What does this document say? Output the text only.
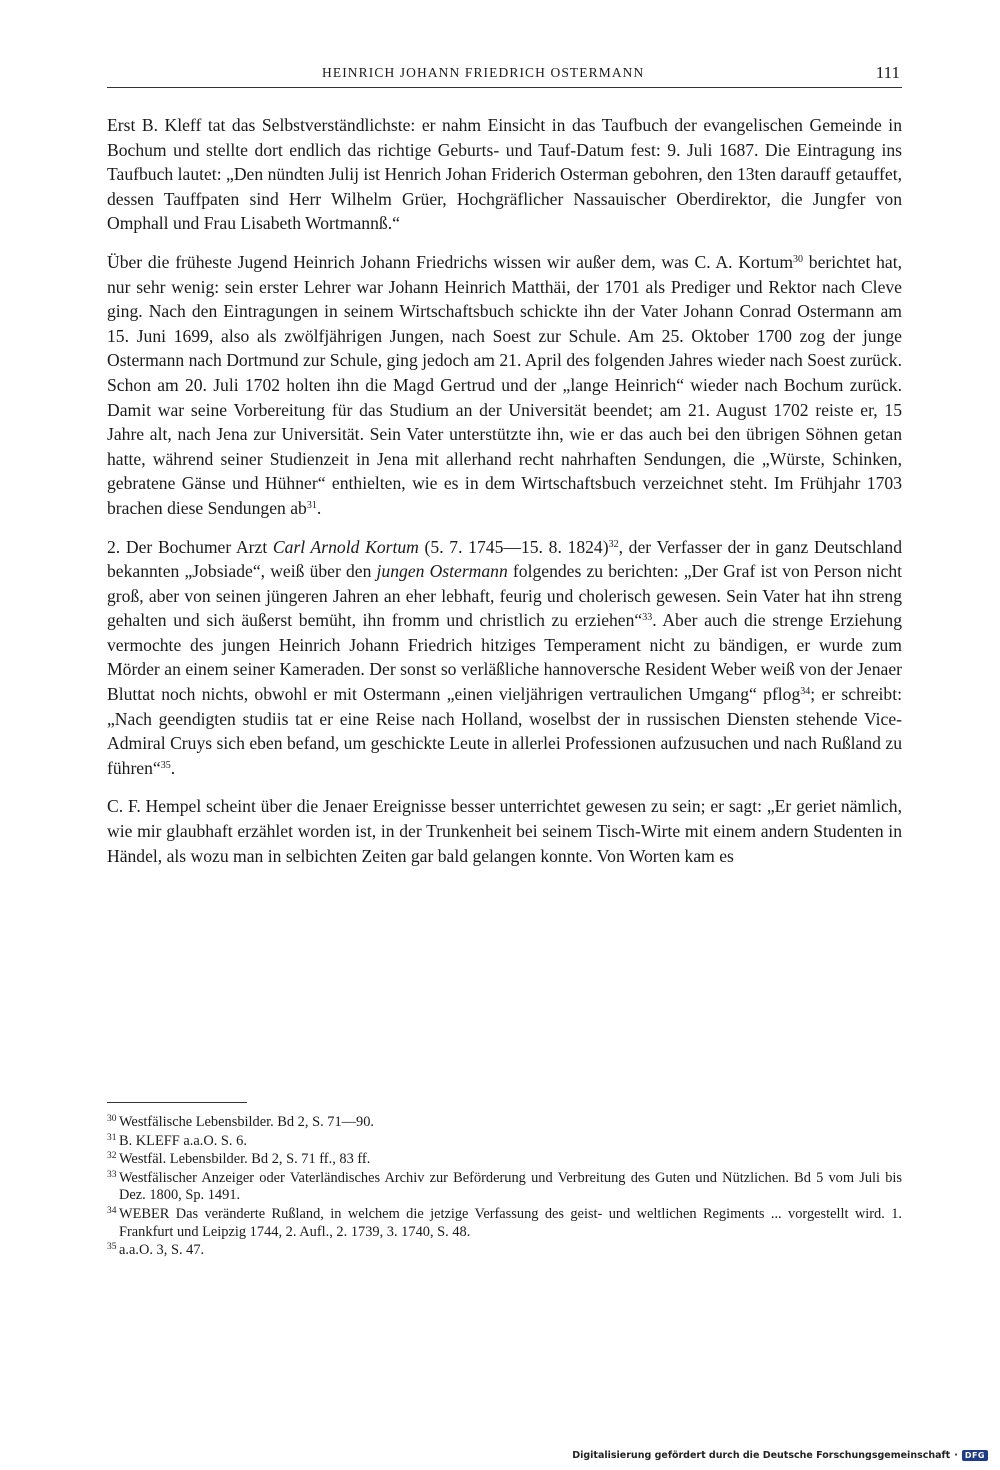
HEINRICH JOHANN FRIEDRICH OSTERMANN	111

Erst B. Kleff tat das Selbstverständlichste: er nahm Einsicht in das Taufbuch der evangelischen Gemeinde in Bochum und stellte dort endlich das richtige Geburts- und Tauf-Datum fest: 9. Juli 1687. Die Eintragung ins Taufbuch lautet: „Den nündten Julij ist Henrich Johan Friderich Osterman gebohren, den 13ten darauff getauffet, dessen Tauffpaten sind Herr Wilhelm Grüer, Hochgräflicher Nassauischer Oberdirektor, die Jungfer von Omphall und Frau Lisabeth Wortmannß.“

Über die früheste Jugend Heinrich Johann Friedrichs wissen wir außer dem, was C. A. Kortum$^{30}$ berichtet hat, nur sehr wenig: sein erster Lehrer war Johann Heinrich Matthäi, der 1701 als Prediger und Rektor nach Cleve ging. Nach den Eintragungen in seinem Wirtschaftsbuch schickte ihn der Vater Johann Conrad Ostermann am 15. Juni 1699, also als zwölfjährigen Jungen, nach Soest zur Schule. Am 25. Oktober 1700 zog der junge Ostermann nach Dortmund zur Schule, ging jedoch am 21. April des folgenden Jahres wieder nach Soest zurück. Schon am 20. Juli 1702 holten ihn die Magd Gertrud und der „lange Heinrich“ wieder nach Bochum zurück. Damit war seine Vorbereitung für das Studium an der Universität beendet; am 21. August 1702 reiste er, 15 Jahre alt, nach Jena zur Universität. Sein Vater unterstützte ihn, wie er das auch bei den übrigen Söhnen getan hatte, während seiner Studienzeit in Jena mit allerhand recht nahrhaften Sendungen, die „Würste, Schinken, gebratene Gänse und Hühner“ enthielten, wie es in dem Wirtschaftsbuch verzeichnet steht. Im Frühjahr 1703 brachen diese Sendungen $ab^{31}$.

2. Der Bochumer Arzt Carl Arnold Kortum (5. 7. 1745—15. 8. 1824)$^{32}$, der Verfasser der in ganz Deutschland bekannten „Jobsiade“, weiß über den jungen Ostermann folgendes zu berichten: „Der Graf ist von Person nicht groß, aber von seinen jüngeren Jahren an eher lebhaft, feurig und cholerisch gewesen. Sein Vater hat ihn streng gehalten und sich äußerst bemüht, ihn fromm und christlich zu erziehen“$^{33}$. Aber auch die strenge Erziehung vermochte des jungen Heinrich Johann Friedrich hitziges Temperament nicht zu bändigen, er wurde zum Mörder an einem seiner Kameraden. Der sonst so verläßliche hannoversche Resident Weber weiß von der Jenaer Bluttat noch nichts, obwohl er mit Ostermann „einen vieljährigen vertraulichen Umgang“ pflog$^{34}$; er schreibt: „Nach geendigten studiis tat er eine Reise nach Holland, woselbst der in russischen Diensten stehende Vice-Admiral Cruys sich eben befand, um geschickte Leute in allerlei Professionen aufzusuchen und nach Rußland zu führen“$^{35}$.

C. F. Hempel scheint über die Jenaer Ereignisse besser unterrichtet gewesen zu sein; er sagt: „Er geriet nämlich, wie mir glaubhaft erzählet worden ist, in der Trunkenheit bei seinem Tisch-Wirte mit einem andern Studenten in Händel, als wozu man in selbichten Zeiten gar bald gelangen konnte. Von Worten kam es

30 Westfälische Lebensbilder. Bd 2, S. 71—90.
31 B. KLEFF a.a.O. S. 6.
32 Westfäl. Lebensbilder. Bd 2, S. 71 ff., 83 ff.
33 Westfälischer Anzeiger oder Vaterländisches Archiv zur Beförderung und Verbreitung des Guten und Nützlichen. Bd 5 vom Juli bis Dez. 1800, Sp. 1491.
34 WEBER Das veränderte Rußland, in welchem die jetzige Verfassung des geist- und weltlichen Regiments ... vorgestellt wird. 1. Frankfurt und Leipzig 1744, 2. Aufl., 2. 1739, 3. 1740, S. 48.
35 a.a.O. 3, S. 47.
Digitalisierung gefördert durch die Deutsche Forschungsgemeinschaft · DFG
